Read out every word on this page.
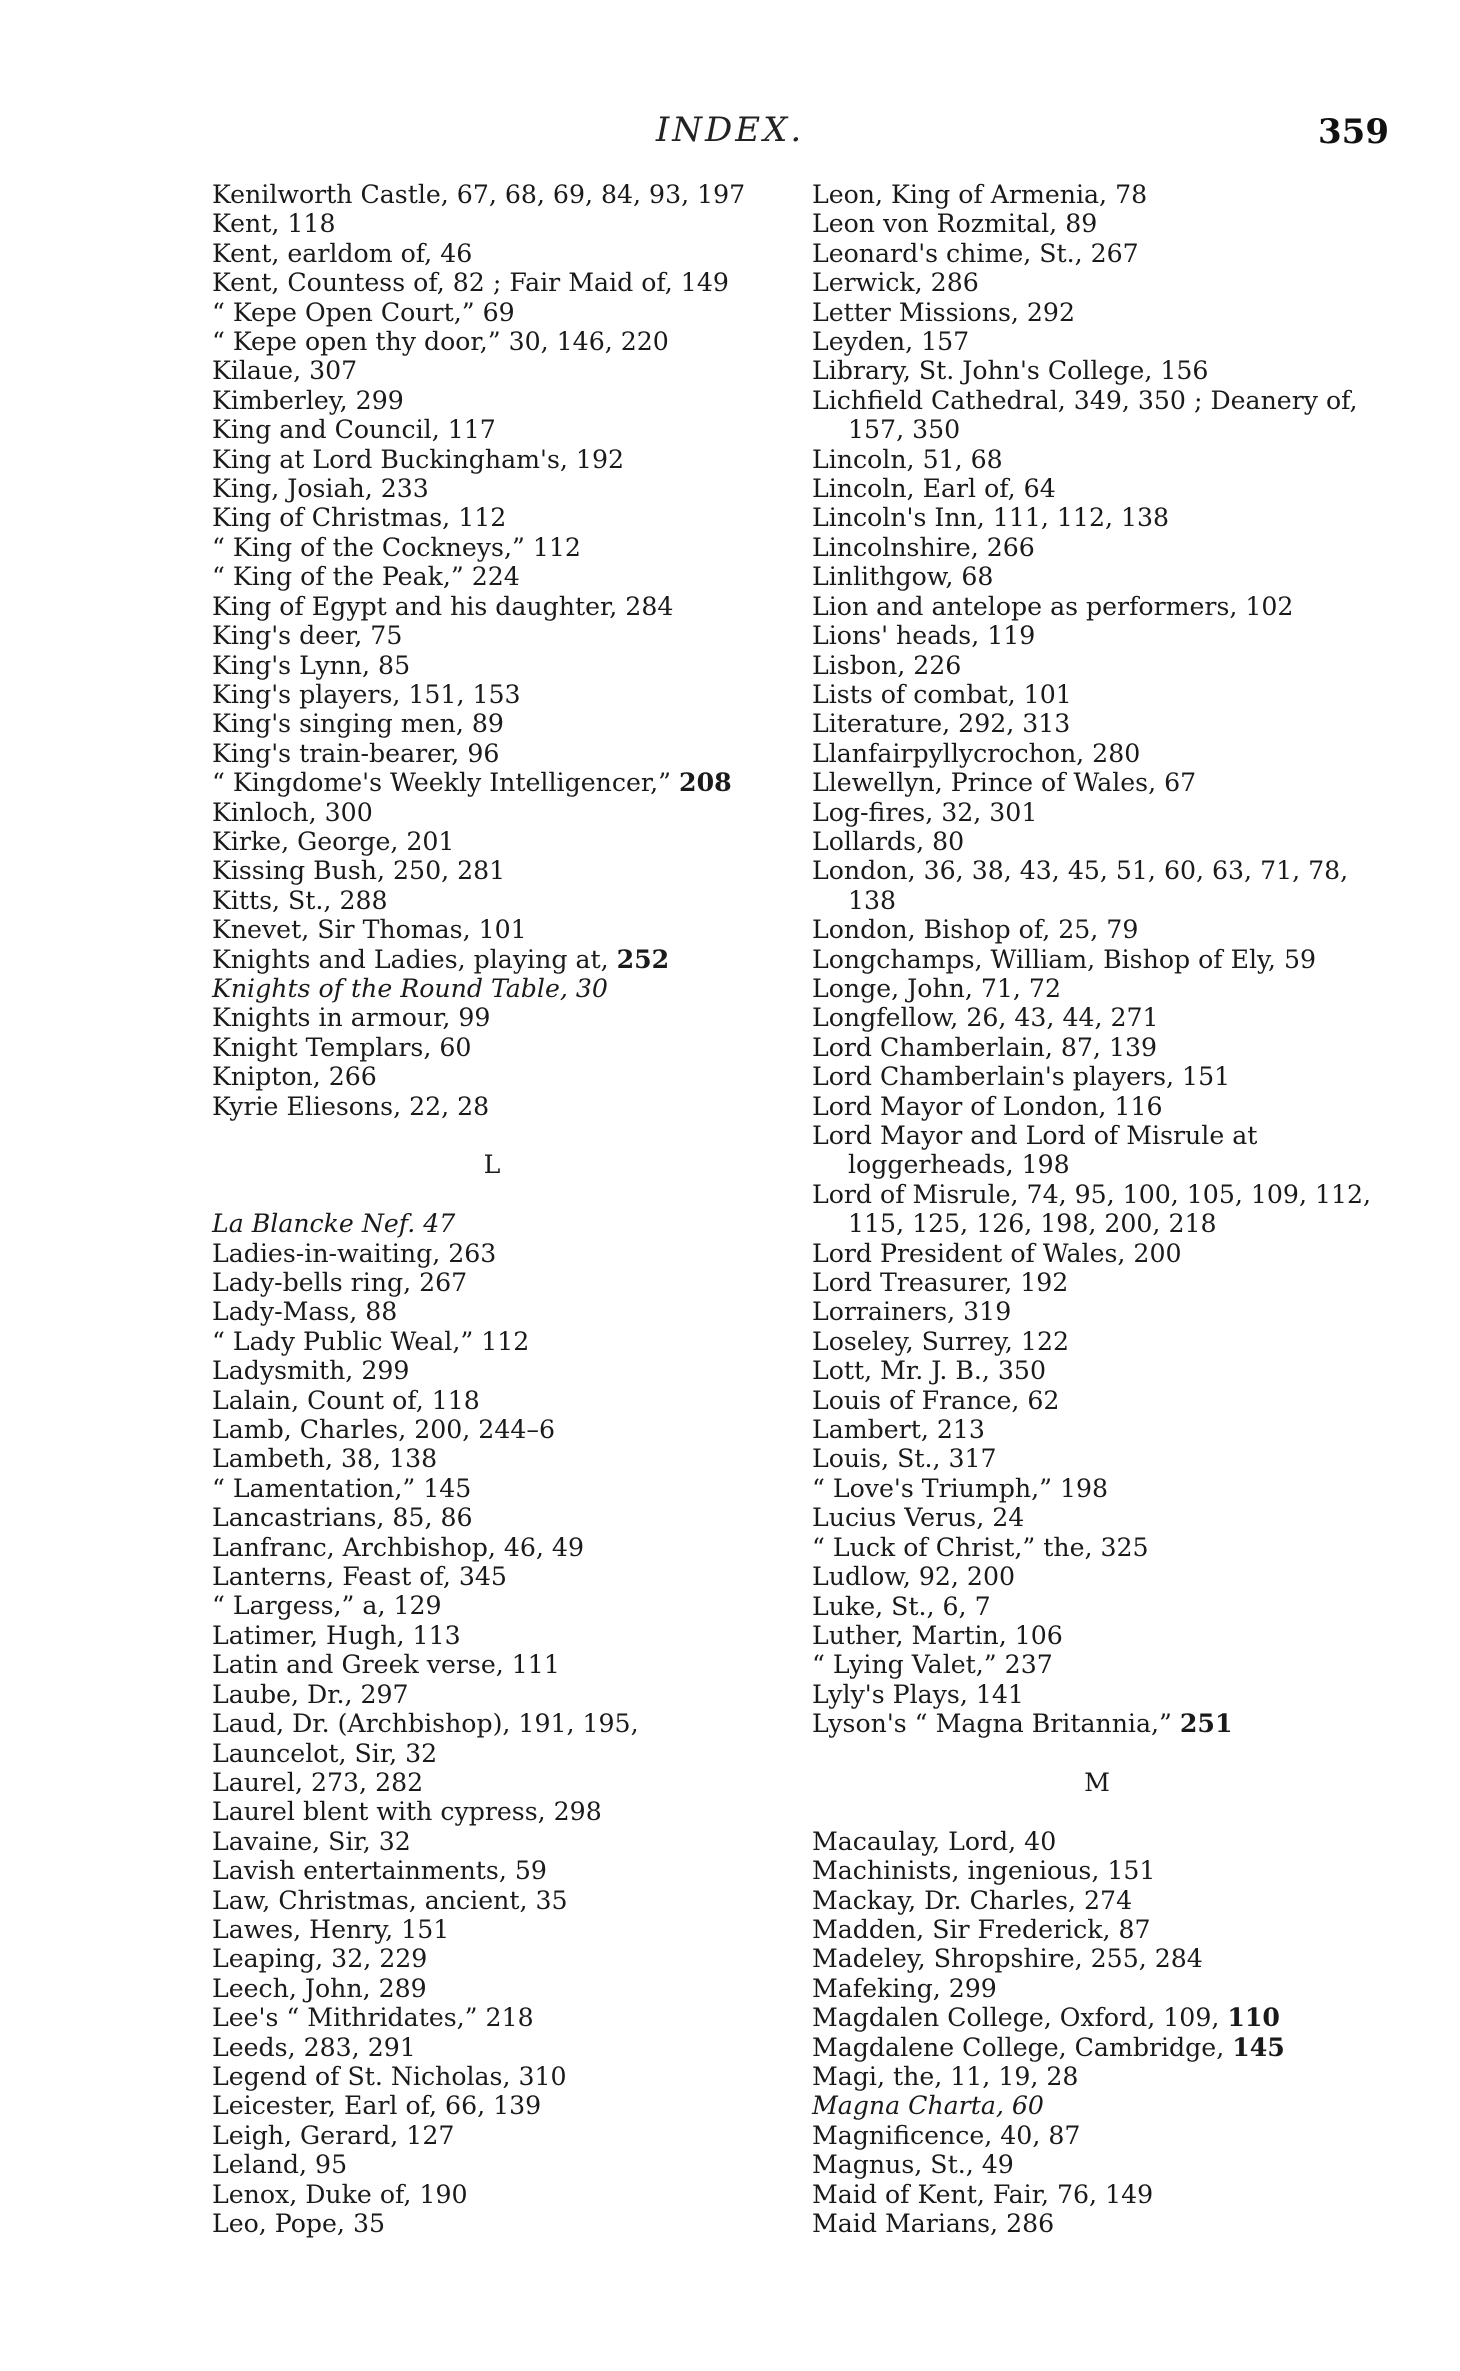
INDEX.	359
Kenilworth Castle, 67, 68, 69, 84, 93, 197
Kent, 118
Kent, earldom of, 46
Kent, Countess of, 82 ; Fair Maid of, 149
“ Kepe Open Court,” 69
“ Kepe open thy door,” 30, 146, 220
Kilaue, 307
Kimberley, 299
King and Council, 117
King at Lord Buckingham's, 192
King, Josiah, 233
King of Christmas, 112
“ King of the Cockneys,” 112
“ King of the Peak,” 224
King of Egypt and his daughter, 284
King's deer, 75
King's Lynn, 85
King's players, 151, 153
King's singing men, 89
King's train-bearer, 96
“ Kingdome's Weekly Intelligencer,” 208
Kinloch, 300
Kirke, George, 201
Kissing Bush, 250, 281
Kitts, St., 288
Knevet, Sir Thomas, 101
Knights and Ladies, playing at, 252
Knights of the Round Table, 30
Knights in armour, 99
Knight Templars, 60
Knipton, 266
Kyrie Eliesons, 22, 28
L
La Blancke Nef. 47
Ladies-in-waiting, 263
Lady-bells ring, 267
Lady-Mass, 88
“ Lady Public Weal,” 112
Ladysmith, 299
Lalain, Count of, 118
Lamb, Charles, 200, 244–6
Lambeth, 38, 138
“ Lamentation,” 145
Lancastrians, 85, 86
Lanfranc, Archbishop, 46, 49
Lanterns, Feast of, 345
“ Largess,” a, 129
Latimer, Hugh, 113
Latin and Greek verse, 111
Laube, Dr., 297
Laud, Dr. (Archbishop), 191, 195,
Launcelot, Sir, 32
Laurel, 273, 282
Laurel blent with cypress, 298
Lavaine, Sir, 32
Lavish entertainments, 59
Law, Christmas, ancient, 35
Lawes, Henry, 151
Leaping, 32, 229
Leech, John, 289
Lee's “ Mithridates,” 218
Leeds, 283, 291
Legend of St. Nicholas, 310
Leicester, Earl of, 66, 139
Leigh, Gerard, 127
Leland, 95
Lenox, Duke of, 190
Leo, Pope, 35
Leon, King of Armenia, 78
Leon von Rozmital, 89
Leonard's chime, St., 267
Lerwick, 286
Letter Missions, 292
Leyden, 157
Library, St. John's College, 156
Lichfield Cathedral, 349, 350 ; Deanery of, 157, 350
Lincoln, 51, 68
Lincoln, Earl of, 64
Lincoln's Inn, 111, 112, 138
Lincolnshire, 266
Linlithgow, 68
Lion and antelope as performers, 102
Lions' heads, 119
Lisbon, 226
Lists of combat, 101
Literature, 292, 313
Llanfairpyllycrochon, 280
Llewellyn, Prince of Wales, 67
Log-fires, 32, 301
Lollards, 80
London, 36, 38, 43, 45, 51, 60, 63, 71, 78, 138
London, Bishop of, 25, 79
Longchamps, William, Bishop of Ely, 59
Longe, John, 71, 72
Longfellow, 26, 43, 44, 271
Lord Chamberlain, 87, 139
Lord Chamberlain's players, 151
Lord Mayor of London, 116
Lord Mayor and Lord of Misrule at loggerheads, 198
Lord of Misrule, 74, 95, 100, 105, 109, 112, 115, 125, 126, 198, 200, 218
Lord President of Wales, 200
Lord Treasurer, 192
Lorrainers, 319
Loseley, Surrey, 122
Lott, Mr. J. B., 350
Louis of France, 62
Lambert, 213
Louis, St., 317
“ Love's Triumph,” 198
Lucius Verus, 24
“ Luck of Christ,” the, 325
Ludlow, 92, 200
Luke, St., 6, 7
Luther, Martin, 106
“ Lying Valet,” 237
Lyly's Plays, 141
Lyson's “ Magna Britannia,” 251
M
Macaulay, Lord, 40
Machinists, ingenious, 151
Mackay, Dr. Charles, 274
Madden, Sir Frederick, 87
Madeley, Shropshire, 255, 284
Mafeking, 299
Magdalen College, Oxford, 109, 110
Magdalene College, Cambridge, 145
Magi, the, 11, 19, 28
Magna Charta, 60
Magnificence, 40, 87
Magnus, St., 49
Maid of Kent, Fair, 76, 149
Maid Marians, 286
